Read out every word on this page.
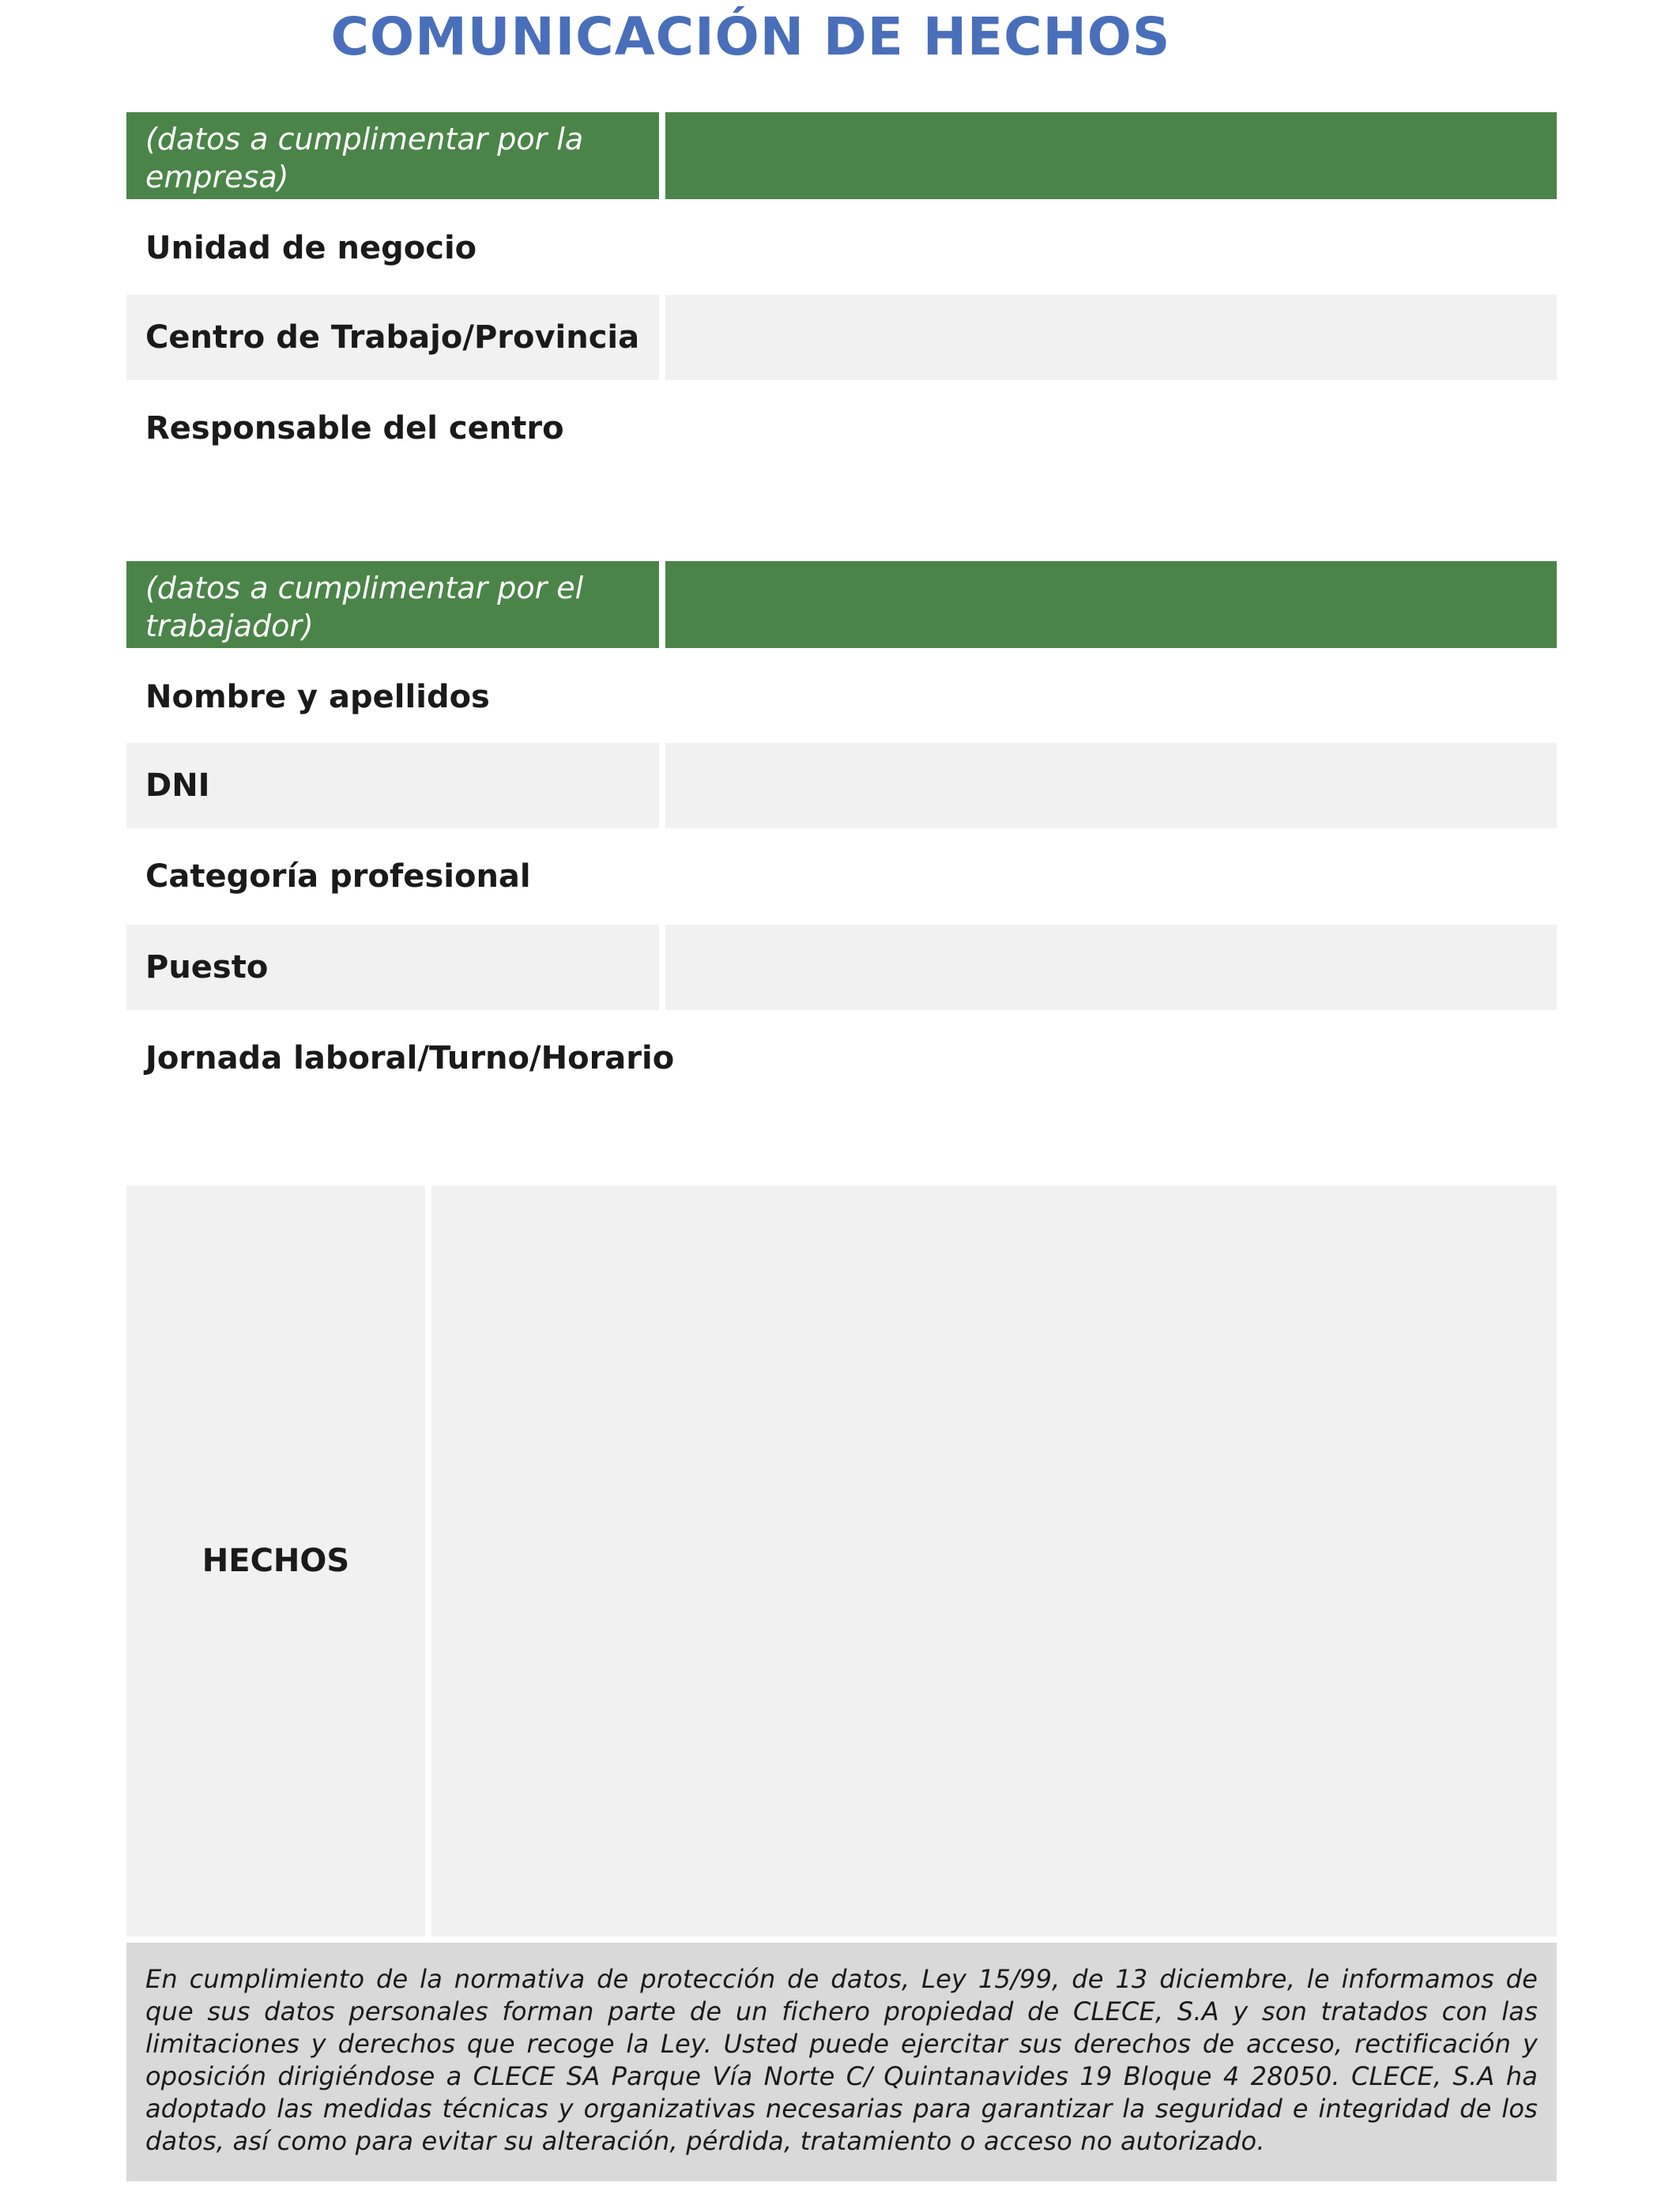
COMUNICACIÓN DE HECHOS
(datos a cumplimentar por la empresa)
Unidad de negocio
Centro de Trabajo/Provincia
Responsable del centro
(datos a cumplimentar por el trabajador)
Nombre y apellidos
DNI
Categoría profesional
Puesto
Jornada laboral/Turno/Horario
HECHOS
En cumplimiento de la normativa de protección de datos, Ley 15/99, de 13 diciembre, le informamos de que sus datos personales forman parte de un fichero propiedad de CLECE, S.A y son tratados con las limitaciones y derechos que recoge la Ley. Usted puede ejercitar sus derechos de acceso, rectificación y oposición dirigiéndose a CLECE SA Parque Vía Norte C/ Quintanavides 19 Bloque 4 28050. CLECE, S.A ha adoptado las medidas técnicas y organizativas necesarias para garantizar la seguridad e integridad de los datos, así como para evitar su alteración, pérdida, tratamiento o acceso no autorizado.
